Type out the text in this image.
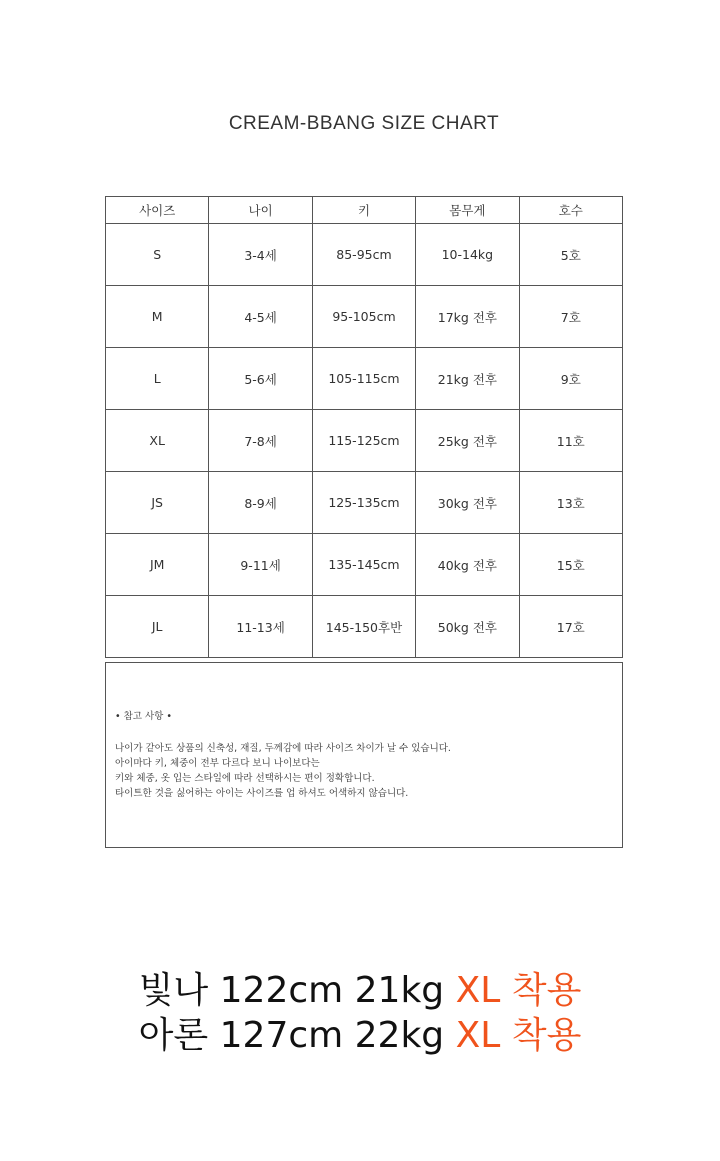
CREAM-BBANG SIZE CHART
사이즈	나이	키	몸무게	호수
S	3-4세	85-95cm	10-14kg	5호
M	4-5세	95-105cm	17kg 전후	7호
L	5-6세	105-115cm	21kg 전후	9호
XL	7-8세	115-125cm	25kg 전후	11호
JS	8-9세	125-135cm	30kg 전후	13호
JM	9-11세	135-145cm	40kg 전후	15호
JL	11-13세	145-150후반	50kg 전후	17호
• 참고 사항 •
나이가 같아도 상품의 신축성, 재질, 두께감에 따라 사이즈 차이가 날 수 있습니다.
아이마다 키, 체중이 전부 다르다 보니 나이보다는
키와 체중, 옷 입는 스타일에 따라 선택하시는 편이 정확합니다.
타이트한 것을 싫어하는 아이는 사이즈를 업 하셔도 어색하지 않습니다.
빛나 122cm 21kg XL 착용
아론 127cm 22kg XL 착용
